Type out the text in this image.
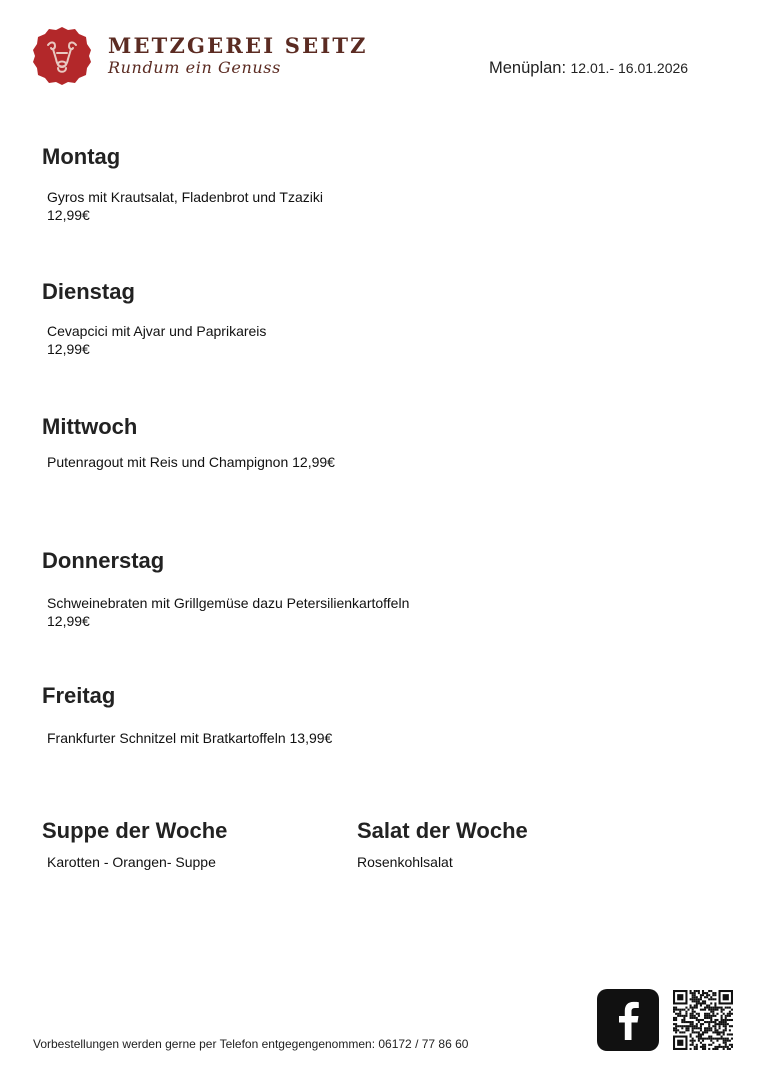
METZGEREI SEITZ
Rundum ein Genuss	Menüplan: 12.01.- 16.01.2026
Montag
Gyros mit Krautsalat, Fladenbrot und Tzaziki
12,99€
Dienstag
Cevapcici mit Ajvar und Paprikareis
12,99€
Mittwoch
Putenragout mit Reis und Champignon 12,99€
Donnerstag
Schweinebraten mit Grillgemüse dazu Petersilienkartoffeln
12,99€
Freitag
Frankfurter Schnitzel mit Bratkartoffeln 13,99€
Suppe der Woche
Karotten - Orangen- Suppe
Salat der Woche
Rosenkohlsalat
Vorbestellungen werden gerne per Telefon entgegengenommen: 06172 / 77 86 60
